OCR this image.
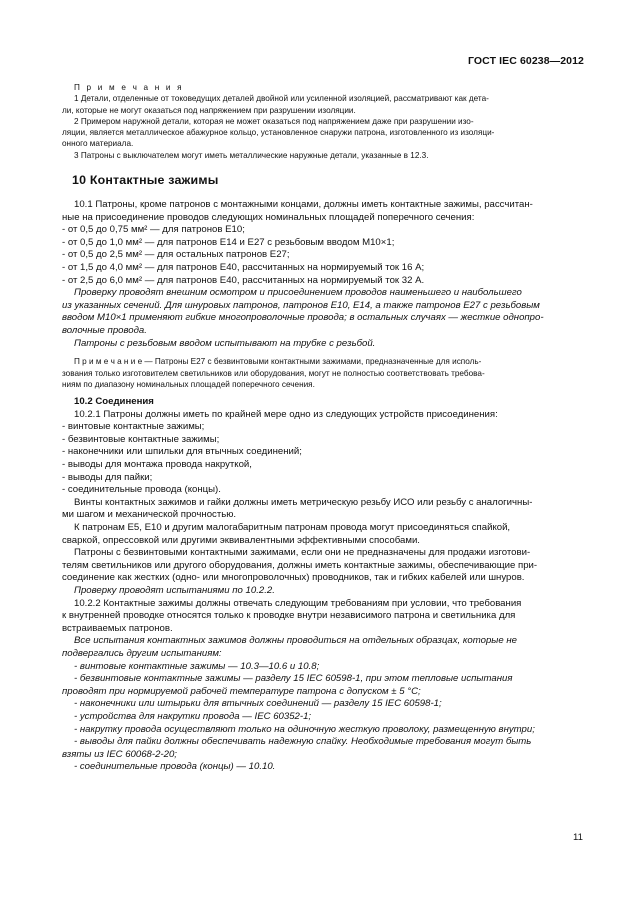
ГОСТ IEC 60238—2012
П р и м е ч а н и я
1 Детали, отделенные от токоведущих деталей двойной или усиленной изоляцией, рассматривают как дета-
ли, которые не могут оказаться под напряжением при разрушении изоляции.
2 Примером наружной детали, которая не может оказаться под напряжением даже при разрушении изо-
ляции, является металлическое абажурное кольцо, установленное снаружи патрона, изготовленного из изоляци-
онного материала.
3 Патроны с выключателем могут иметь металлические наружные детали, указанные в 12.3.
10 Контактные зажимы
10.1 Патроны, кроме патронов с монтажными концами, должны иметь контактные зажимы, рассчитан-
ные на присоединение проводов следующих номинальных площадей поперечного сечения:
- от 0,5 до 0,75 мм² — для патронов Е10;
- от 0,5 до 1,0 мм² — для патронов Е14 и Е27 с резьбовым вводом М10×1;
- от 0,5 до 2,5 мм² — для остальных патронов Е27;
- от 1,5 до 4,0 мм² — для патронов Е40, рассчитанных на нормируемый ток 16 А;
- от 2,5 до 6,0 мм² — для патронов Е40, рассчитанных на нормируемый ток 32 А.
Проверку проводят внешним осмотром и присоединением проводов наименьшего и наибольшего
из указанных сечений. Для шнуровых патронов, патронов Е10, Е14, а также патронов Е27 с резьбовым
вводом М10×1 применяют гибкие многопроволочные провода; в остальных случаях — жесткие однопро-
волочные провода.
Патроны с резьбовым вводом испытывают на трубке с резьбой.
П р и м е ч а н и е — Патроны Е27 с безвинтовыми контактными зажимами, предназначенные для исполь-
зования только изготовителем светильников или оборудования, могут не полностью соответствовать требова-
ниям по диапазону номинальных площадей поперечного сечения.
10.2 Соединения
10.2.1 Патроны должны иметь по крайней мере одно из следующих устройств присоединения:
- винтовые контактные зажимы;
- безвинтовые контактные зажимы;
- наконечники или шпильки для втычных соединений;
- выводы для монтажа провода накруткой,
- выводы для пайки;
- соединительные провода (концы).
Винты контактных зажимов и гайки должны иметь метрическую резьбу ИСО или резьбу с аналогичны-
ми шагом и механической прочностью.
К патронам Е5, Е10 и другим малогабаритным патронам провода могут присоединяться спайкой,
сваркой, опрессовкой или другими эквивалентными эффективными способами.
Патроны с безвинтовыми контактными зажимами, если они не предназначены для продажи изготови-
телям светильников или другого оборудования, должны иметь контактные зажимы, обеспечивающие при-
соединение как жестких (одно- или многопроволочных) проводников, так и гибких кабелей или шнуров.
Проверку проводят испытаниями по 10.2.2.
10.2.2 Контактные зажимы должны отвечать следующим требованиям при условии, что требования
к внутренней проводке относятся только к проводке внутри независимого патрона и светильника для
встраиваемых патронов.
Все испытания контактных зажимов должны проводиться на отдельных образцах, которые не
подвергались другим испытаниям:
- винтовые контактные зажимы — 10.3—10.6 и 10.8;
- безвинтовые контактные зажимы — разделу 15 IEC 60598-1, при этом тепловые испытания
проводят при нормируемой рабочей температуре патрона с допуском ± 5 °С;
- наконечники или штырьки для втычных соединений — разделу 15 IEC 60598-1;
- устройства для накрутки провода — IEC 60352-1;
- накрутку провода осуществляют только на одиночную жесткую проволоку, размещенную внутри;
- выводы для пайки должны обеспечивать надежную спайку. Необходимые требования могут быть
взяты из IEC 60068-2-20;
- соединительные провода (концы) — 10.10.
11
